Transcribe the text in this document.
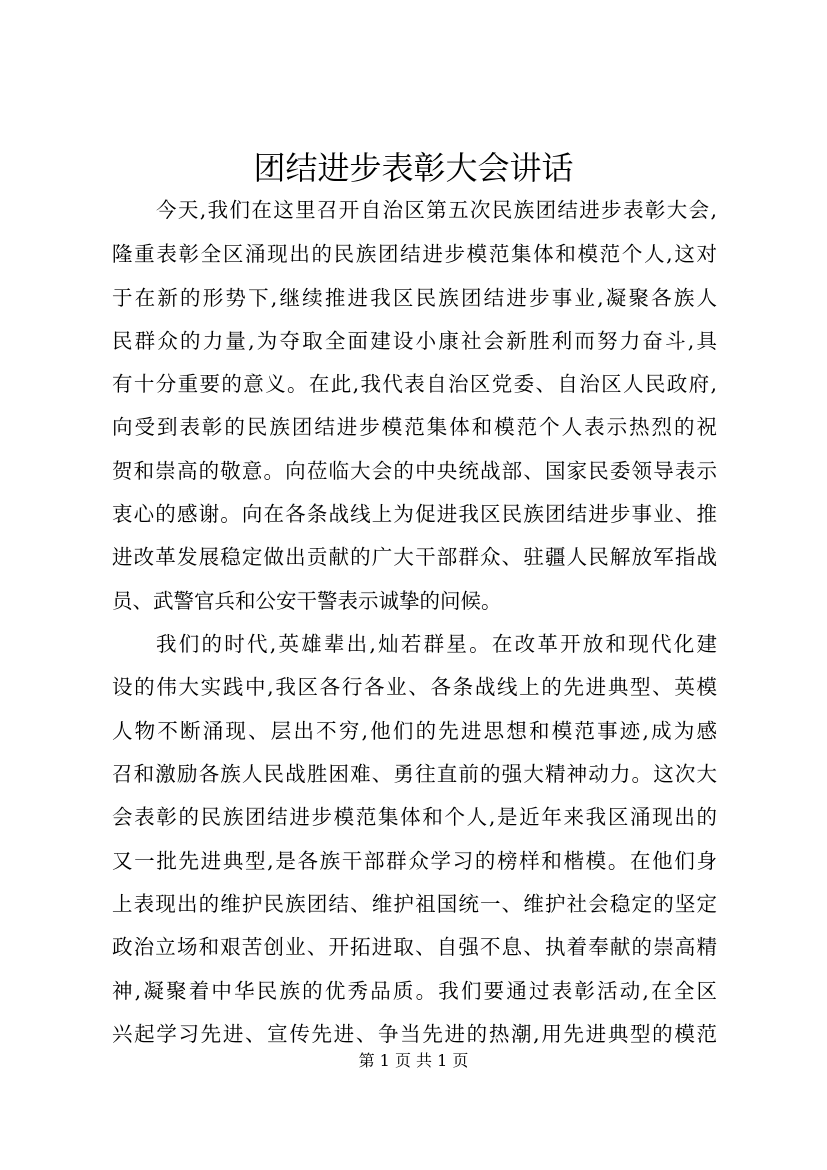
团结进步表彰大会讲话
今天,我们在这里召开自治区第五次民族团结进步表彰大会,
隆重表彰全区涌现出的民族团结进步模范集体和模范个人,这对
于在新的形势下,继续推进我区民族团结进步事业,凝聚各族人
民群众的力量,为夺取全面建设小康社会新胜利而努力奋斗,具
有十分重要的意义。在此,我代表自治区党委、自治区人民政府,
向受到表彰的民族团结进步模范集体和模范个人表示热烈的祝
贺和崇高的敬意。向莅临大会的中央统战部、国家民委领导表示
衷心的感谢。向在各条战线上为促进我区民族团结进步事业、推
进改革发展稳定做出贡献的广大干部群众、驻疆人民解放军指战
员、武警官兵和公安干警表示诚挚的问候。
我们的时代,英雄辈出,灿若群星。在改革开放和现代化建
设的伟大实践中,我区各行各业、各条战线上的先进典型、英模
人物不断涌现、层出不穷,他们的先进思想和模范事迹,成为感
召和激励各族人民战胜困难、勇往直前的强大精神动力。这次大
会表彰的民族团结进步模范集体和个人,是近年来我区涌现出的
又一批先进典型,是各族干部群众学习的榜样和楷模。在他们身
上表现出的维护民族团结、维护祖国统一、维护社会稳定的坚定
政治立场和艰苦创业、开拓进取、自强不息、执着奉献的崇高精
神,凝聚着中华民族的优秀品质。我们要通过表彰活动,在全区
兴起学习先进、宣传先进、争当先进的热潮,用先进典型的模范
第 1 页 共 1 页
